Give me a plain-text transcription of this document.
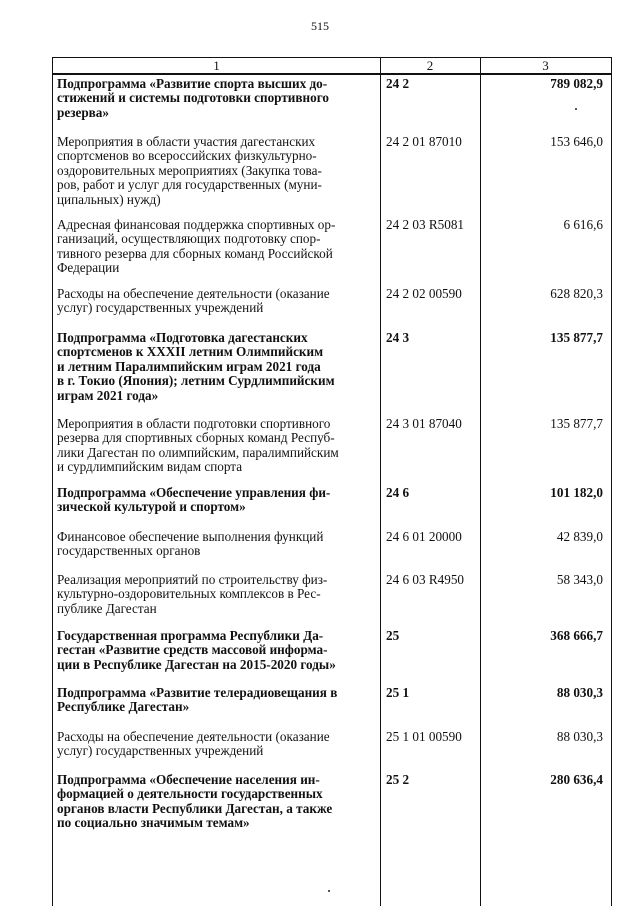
515
1	2	3
Подпрограмма «Развитие спорта высших до-
стижений и системы подготовки спортивного
резерва»
24 2	789 082,9
Мероприятия в области участия дагестанских
спортсменов во всероссийских физкультурно-
оздоровительных мероприятиях (Закупка това-
ров, работ и услуг для государственных (муни-
ципальных) нужд)
24 2 01 87010	153 646,0
Адресная финансовая поддержка спортивных ор-
ганизаций, осуществляющих подготовку спор-
тивного резерва для сборных команд Российской
Федерации
24 2 03 R5081	6 616,6
Расходы на обеспечение деятельности (оказание
услуг) государственных учреждений
24 2 02 00590	628 820,3
Подпрограмма «Подготовка дагестанских
спортсменов к XXXII летним Олимпийским
и летним Паралимпийским играм 2021 года
в г. Токио (Япония); летним Сурдлимпийским
играм 2021 года»
24 3	135 877,7
Мероприятия в области подготовки спортивного
резерва для спортивных сборных команд Респуб-
лики Дагестан по олимпийским, паралимпийским
и сурдлимпийским видам спорта
24 3 01 87040	135 877,7
Подпрограмма «Обеспечение управления фи-
зической культурой и спортом»
24 6	101 182,0
Финансовое обеспечение выполнения функций
государственных органов
24 6 01 20000	42 839,0
Реализация мероприятий по строительству физ-
культурно-оздоровительных комплексов в Рес-
публике Дагестан
24 6 03 R4950	58 343,0
Государственная программа Республики Да-
гестан «Развитие средств массовой информа-
ции в Республике Дагестан на 2015-2020 годы»
25	368 666,7
Подпрограмма «Развитие телерадиовещания в
Республике Дагестан»
25 1	88 030,3
Расходы на обеспечение деятельности (оказание
услуг) государственных учреждений
25 1 01 00590	88 030,3
Подпрограмма «Обеспечение населения ин-
формацией о деятельности государственных
органов власти Республики Дагестан, а также
по социально значимым темам»
25 2	280 636,4
